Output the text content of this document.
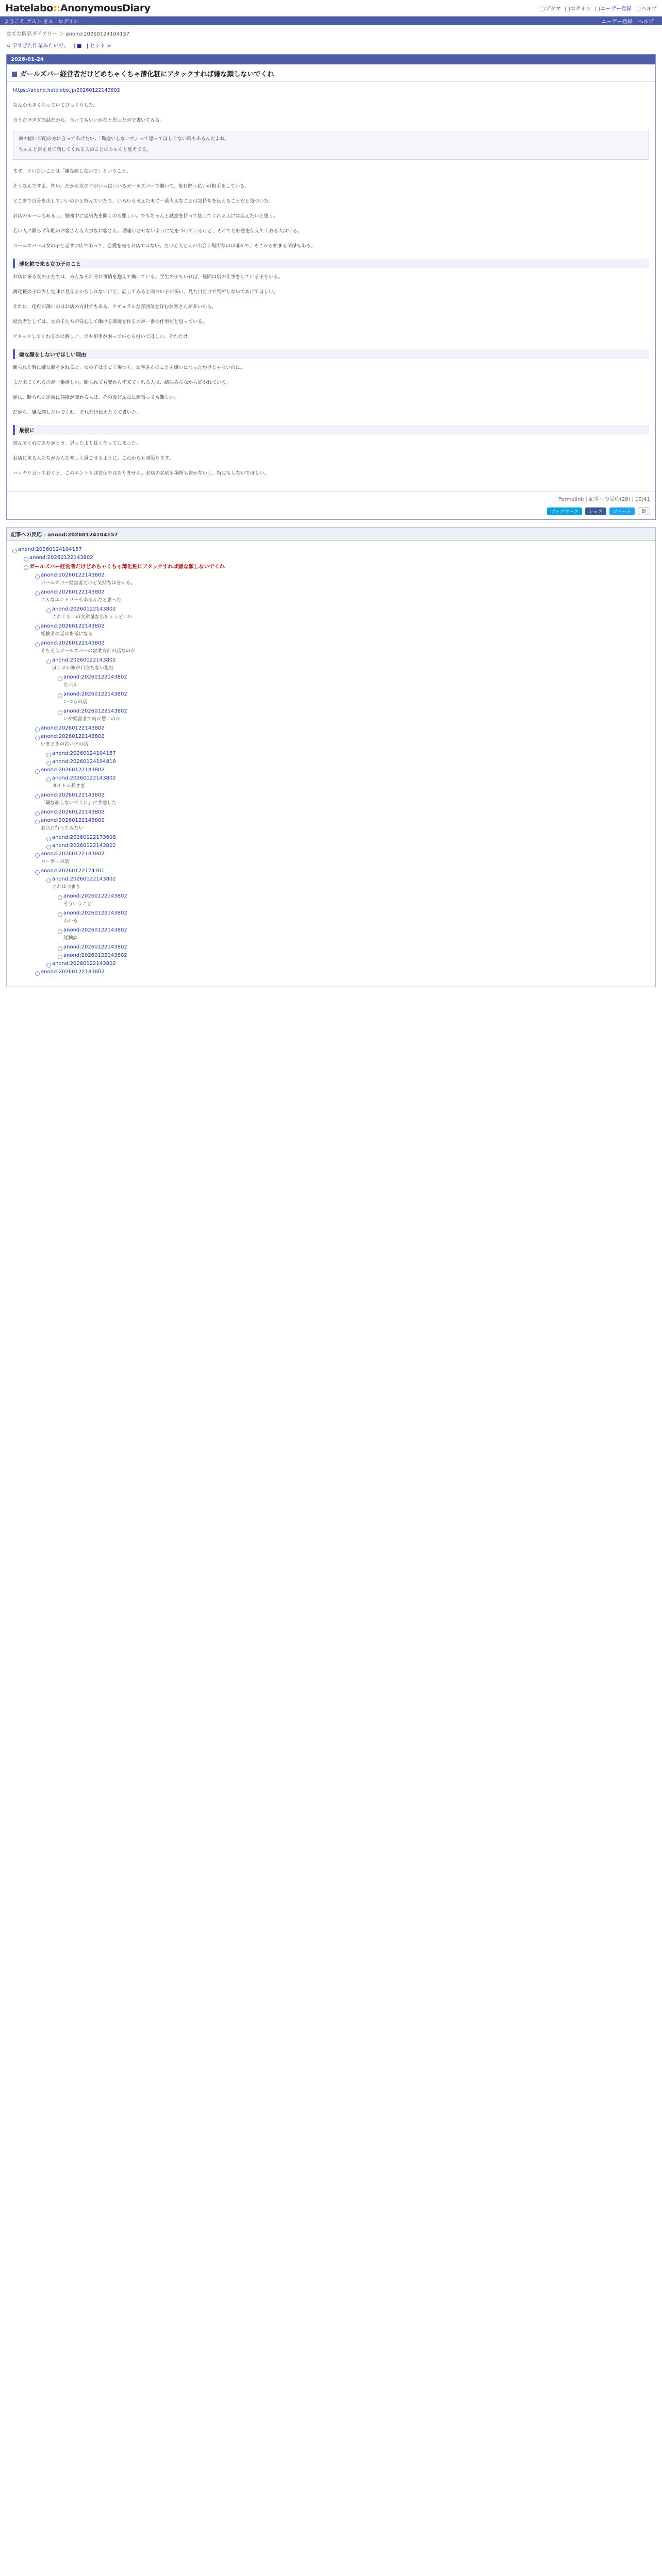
Hatelabo::AnonymousDiary	ブクマ	ログイン	ユーザー登録	ヘルプ
ようこそ ゲスト さん ログイン	ユーザー登録 ヘルプ
はてな匿名ダイアリー ＞ anond:20260124104157
< 早すぎた作業みたいで。 | ■ | ヒント >
2026-01-24
ガールズバー経営者だけどめちゃくちゃ薄化粧にアタックすれば嫌な顔しないでくれ

https://anond.hatelabo.jp/20260122143802

なんか大きくなっていてびっくりした。

言うだけタダの話だから、言ってもいいかなと思ったので書いてみる。

頭の固い年配の方に言ってあげたい。「勘違いしないで」って思ってほしくない時もあるんだよね。

ちゃんと目を見て話してくれる人のことはちゃんと覚えてる。

まず、言いたいことは「嫌な顔しないで」ということ。

そうなんですよ。怖い。だから女の子がいっぱいいるガールズバーで働いて、毎日酔っ払いの相手をしている。

どこまで自分を出していいのかと悩んでいたり、いろいろ考えた末に一番大切なことは気持ちを伝えることだと気づいた。

お店のルールもあるし、勤務中に連絡先を聞くのも難しい。でもちゃんと誠意を持って接してくれる人には応えたいと思う。

若い人に限らず年配のお客さんも大事なお客さん。勘違いさせないように気をつけているけど、それでも好意を伝えてくれる人はいる。

ガールズバーは女の子と話すお店であって、恋愛を売るお店ではない。だけど人と人が出会う場所なのは確かで、そこから始まる関係もある。

薄化粧で来る女の子のこと

お店に来る女の子たちは、みんなそれぞれ事情を抱えて働いている。学生の子もいれば、昼間は別の仕事をしている子もいる。

薄化粧の子は少し地味に見えるかもしれないけど、話してみると面白い子が多い。見た目だけで判断しないであげてほしい。

それに、化粧が薄いのはお店の方針でもある。ナチュラルな雰囲気を好むお客さんが多いから。

経営者としては、女の子たちが安心して働ける環境を作るのが一番の仕事だと思っている。

アタックしてくれるのは嬉しい。でも相手が困っていたら引いてほしい。それだけ。

嫌な顔をしないでほしい理由

断られた時に嫌な顔をされると、女の子はすごく傷つく。お客さんのことを嫌いになったわけじゃないのに。

また来てくれるのが一番嬉しい。断られても変わらず来てくれる人は、結局みんなから好かれている。

逆に、断られた途端に態度が変わる人は、その後どんなに頑張っても難しい。

だから、嫌な顔しないでくれ。それだけ伝えたくて書いた。

最後に

読んでくれてありがとう。思ったより長くなってしまった。

お店に来る人たちがみんな楽しく過ごせるように、これからも頑張ります。

ハッキリ言っておくと、このエントリは宣伝ではありません。お店の名前も場所も書かないし、特定もしないでほしい。

Permalink | 記事への反応(28) | 10:41
ブックマーク シェア ツイート B!
記事への反応 - anond:20260124104157
anond:20260124104157
anond:20260122143802
ガールズバー経営者だけどめちゃくちゃ薄化粧にアタックすれば嫌な顔しないでくれ
anond:20260122143802
ガールズバー経営者だけど気持ちは分かる。
anond:20260122143802
こんなエントリーもあるんだと思った
anond:20260122143802
これくらいの文章量ならちょうどいい
anond:20260122143802
経験者の話は参考になる
anond:20260122143802
そもそもガールズバーの営業方針の話なのか
anond:20260122143802
ほうれい線が目立たない化粧
anond:20260122143802
たぶん
anond:20260122143802
いつもの話
anond:20260122143802
いや経営者で何が悪いのか
anond:20260122143802
anond:20260122143802
いまどきの若い子の話
anond:20260124104157
anond:20260124104818
anond:20260122143802
anond:20260122143802
タイトル長すぎ
anond:20260122143802
「嫌な顔しないでくれ」に共感した
anond:20260122143802
anond:20260122143802
お店に行ってみたい
anond:20260122173608
anond:20260122143802
anond:20260122143802
バーガーの話
anond:20260122174701
anond:20260122143802
これはつまり
anond:20260122143802
そういうこと
anond:20260122143802
わかる
anond:20260122143802
経験談
anond:20260122143802
anond:20260122143802
anond:20260122143802
anond:20260122143802
